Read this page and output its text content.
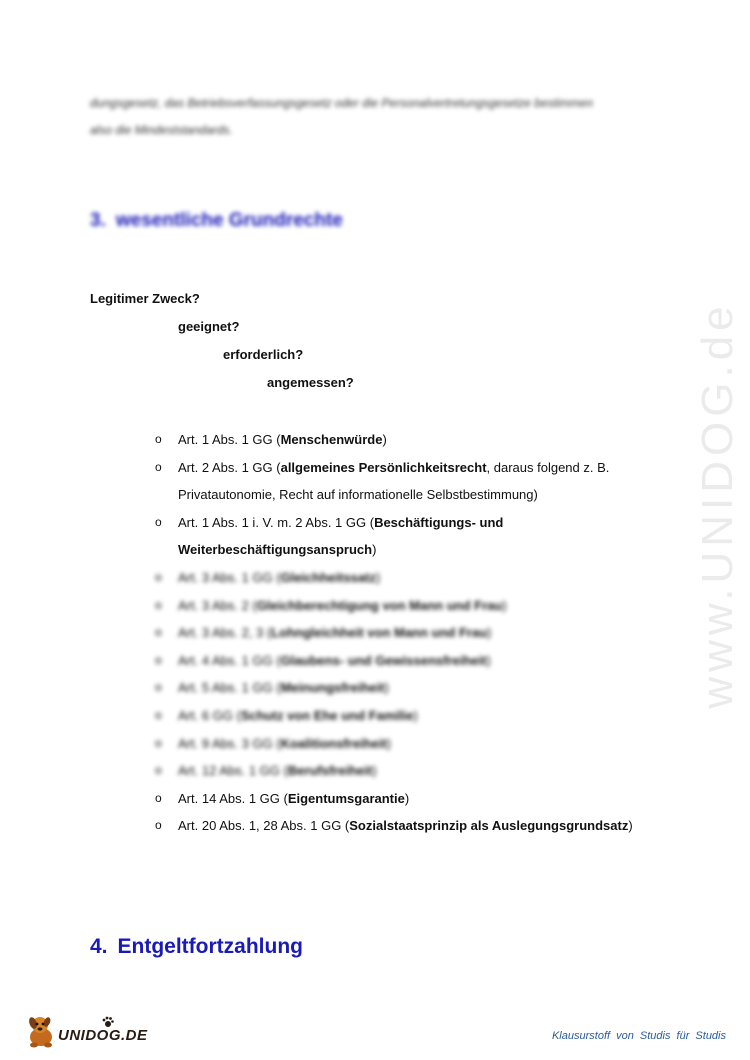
dungsgesetz, das Betriebsverfassungsgesetz oder die Personalvertretungsgesetze bestimmen

also die Mindeststandards.

3. wesentliche Grundrechte

Legitimer Zweck?

geeignet?

erforderlich?

angemessen?

o Art. 1 Abs. 1 GG (Menschenwürde)
o Art. 2 Abs. 1 GG (allgemeines Persönlichkeitsrecht, daraus folgend z. B. Privatautonomie, Recht auf informationelle Selbstbestimmung)
o Art. 1 Abs. 1 i. V. m. 2 Abs. 1 GG (Beschäftigungs- und Weiterbeschäftigungsanspruch)
o Art. 3 Abs. 1 GG (Gleichheitssatz)
o Art. 3 Abs. 2 (Gleichberechtigung von Mann und Frau)
o Art. 3 Abs. 2, 3 (Lohngleichheit von Mann und Frau)
o Art. 4 Abs. 1 GG (Glaubens- und Gewissensfreiheit)
o Art. 5 Abs. 1 GG (Meinungsfreiheit)
o Art. 6 GG (Schutz von Ehe und Familie)
o Art. 9 Abs. 3 GG (Koalitionsfreiheit)
o Art. 12 Abs. 1 GG (Berufsfreiheit)
o Art. 14 Abs. 1 GG (Eigentumsgarantie)
o Art. 20 Abs. 1, 28 Abs. 1 GG (Sozialstaatsprinzip als Auslegungsgrundsatz)
4. Entgeltfortzahlung
www.UNIDOG.de
UNIDOG.DE	Klausurstoff von Studis für Studis
